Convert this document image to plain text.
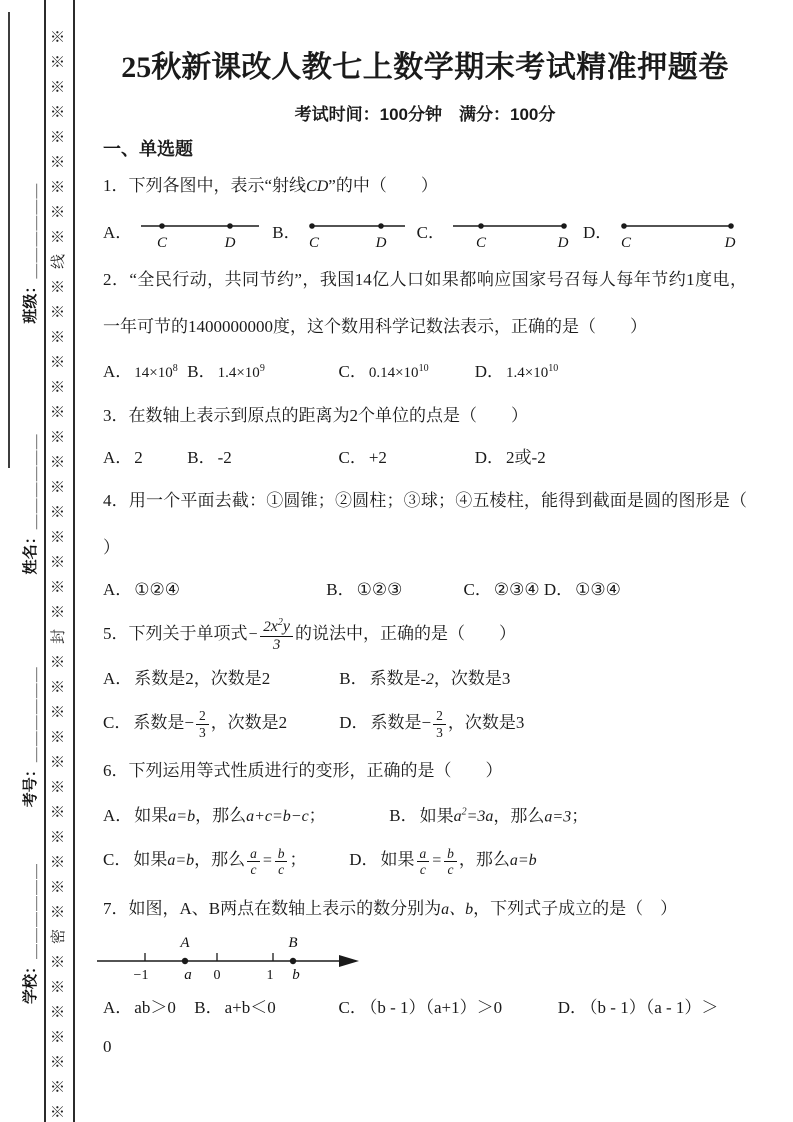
学校：＿＿＿＿＿＿ 考号：＿＿＿＿＿＿ 姓名：＿＿＿＿＿＿ 班级：＿＿＿＿＿＿ ※※※※※※※密※※※※※※※※※※※封※※※※※※※※※※※※※※线※※※※※※※※※	25秋新课改人教七上数学期末考试精准押题卷
考试时间：100分钟　满分：100分
一、单选题

1．下列各图中，表示“射线CD”的中（　　）

A．
C	D
B．
C	D
C．
C	D
D．
C	D

2．“全民行动，共同节约”，我国14亿人口如果都响应国家号召每人每年节约1度电，一年可节的1400000000度，这个数用科学记数法表示，正确的是（　　）

A． $14\times 10^8$ B． $1.4\times 10^9$	C． $0.14\times 10^{10}$	D． $1.4\times 10^{10}$

3．在数轴上表示到原点的距离为2个单位的点是（　　）

A． 2	B． -2	C． +2	D． 2或-2

4．用一个平面去截：①圆锥；②圆柱；③球；④五棱柱，能得到截面是圆的图形是（ ）

A． ①②④	B． ①②③	C． ②③④ D． ①③④

5．下列关于单项式− $\frac{2x^2y}{3}$ 的说法中，正确的是（　　）

A． 系数是2，次数是2	B． 系数是-2，次数是3
C． 系数是− $\frac{2}{3}$ ，次数是2	D． 系数是− $\frac{2}{3}$ ，次数是3

6．下列运用等式性质进行的变形，正确的是（　　）

A． 如果a=b，那么a+c=b−c；	B． 如果$a^2=3a$，那么a=3；
C． 如果a=b，那么 $\frac{a}{c} = \frac{b}{c}$ ；	D． 如果 $\frac{a}{c} = \frac{b}{c}$ ，那么a=b

7．如图，A、B两点在数轴上表示的数分别为a、b，下列式子成立的是（　）

A	B
−1 a 0	1 b
A． ab＞0 B． a+b＜0	C． （b - 1）（a+1）＞0	D． （b - 1）（a - 1）＞

0
